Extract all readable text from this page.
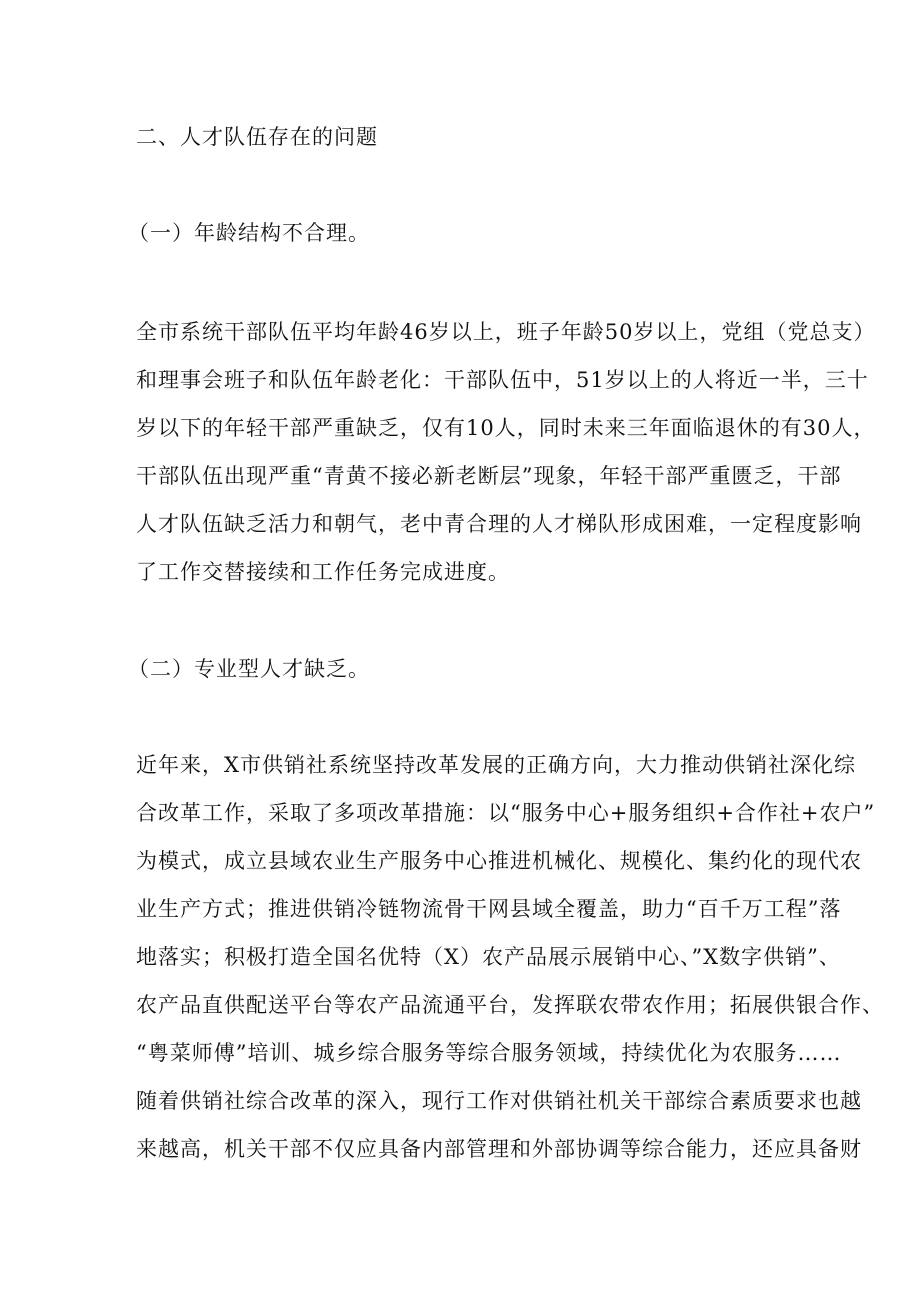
二、人才队伍存在的问题
（一）年龄结构不合理。
全市系统干部队伍平均年龄46岁以上，班子年龄50岁以上，党组（党总支）
和理事会班子和队伍年龄老化：干部队伍中，51岁以上的人将近一半，三十
岁以下的年轻干部严重缺乏，仅有10人，同时未来三年面临退休的有30人，
干部队伍出现严重“青黄不接必新老断层”现象，年轻干部严重匮乏，干部
人才队伍缺乏活力和朝气，老中青合理的人才梯队形成困难，一定程度影响
了工作交替接续和工作任务完成进度。
（二）专业型人才缺乏。
近年来，X市供销社系统坚持改革发展的正确方向，大力推动供销社深化综
合改革工作，采取了多项改革措施：以“服务中心+服务组织+合作社+农户”
为模式，成立县域农业生产服务中心推进机械化、规模化、集约化的现代农
业生产方式；推进供销冷链物流骨干网县域全覆盖，助力“百千万工程”落
地落实；积极打造全国名优特（X）农产品展示展销中心、”X数字供销”、
农产品直供配送平台等农产品流通平台，发挥联农带农作用；拓展供银合作、
“粤菜师傅”培训、城乡综合服务等综合服务领域，持续优化为农服务……
随着供销社综合改革的深入，现行工作对供销社机关干部综合素质要求也越
来越高，机关干部不仅应具备内部管理和外部协调等综合能力，还应具备财
